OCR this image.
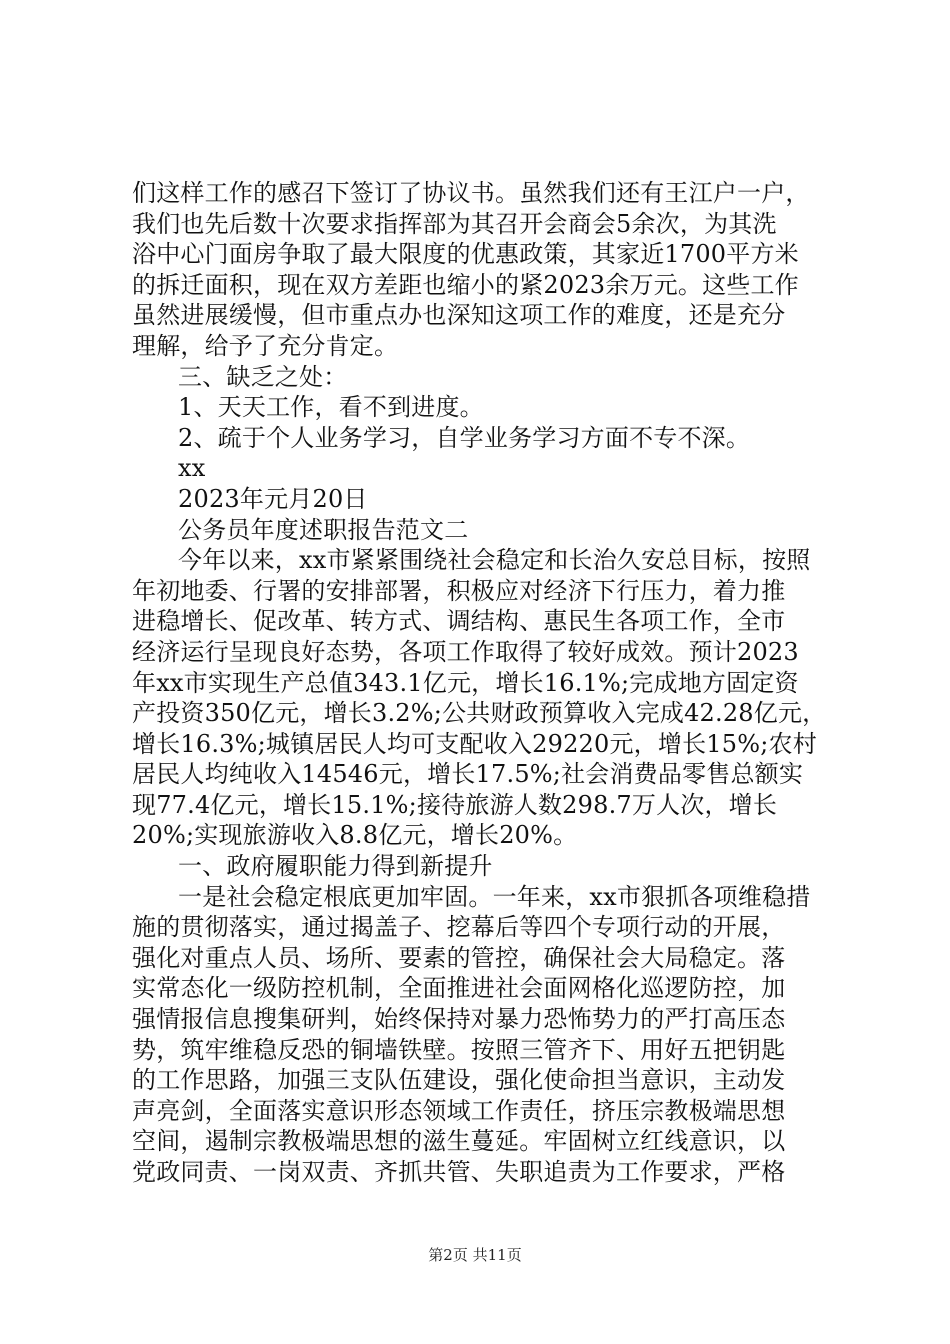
们这样工作的感召下签订了协议书。虽然我们还有王江户一户，
我们也先后数十次要求指挥部为其召开会商会5余次，为其洗
浴中心门面房争取了最大限度的优惠政策，其家近1700平方米
的拆迁面积，现在双方差距也缩小的紧2023余万元。这些工作
虽然进展缓慢，但市重点办也深知这项工作的难度，还是充分
理解，给予了充分肯定。
三、缺乏之处：
1、天天工作，看不到进度。
2、疏于个人业务学习，自学业务学习方面不专不深。
xx
2023年元月20日
公务员年度述职报告范文二
今年以来，xx市紧紧围绕社会稳定和长治久安总目标，按照
年初地委、行署的安排部署，积极应对经济下行压力，着力推
进稳增长、促改革、转方式、调结构、惠民生各项工作，全市
经济运行呈现良好态势，各项工作取得了较好成效。预计2023
年xx市实现生产总值343.1亿元，增长16.1%;完成地方固定资
产投资350亿元，增长3.2%;公共财政预算收入完成42.28亿元，
增长16.3%;城镇居民人均可支配收入29220元，增长15%;农村
居民人均纯收入14546元，增长17.5%;社会消费品零售总额实
现77.4亿元，增长15.1%;接待旅游人数298.7万人次，增长
20%;实现旅游收入8.8亿元，增长20%。
一、政府履职能力得到新提升
一是社会稳定根底更加牢固。一年来，xx市狠抓各项维稳措
施的贯彻落实，通过揭盖子、挖幕后等四个专项行动的开展，
强化对重点人员、场所、要素的管控，确保社会大局稳定。落
实常态化一级防控机制，全面推进社会面网格化巡逻防控，加
强情报信息搜集研判，始终保持对暴力恐怖势力的严打高压态
势，筑牢维稳反恐的铜墙铁壁。按照三管齐下、用好五把钥匙
的工作思路，加强三支队伍建设，强化使命担当意识，主动发
声亮剑，全面落实意识形态领域工作责任，挤压宗教极端思想
空间，遏制宗教极端思想的滋生蔓延。牢固树立红线意识，以
党政同责、一岗双责、齐抓共管、失职追责为工作要求，严格
第2页 共11页
